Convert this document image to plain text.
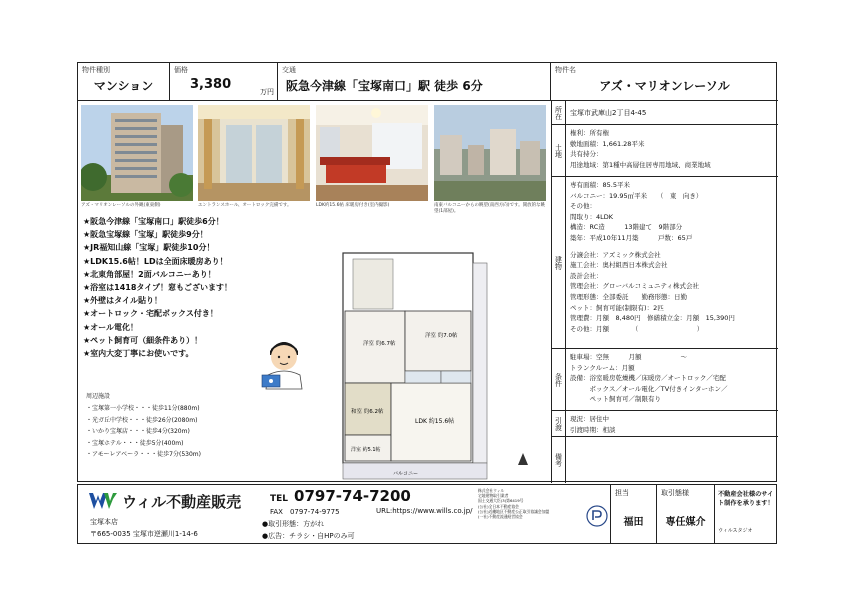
物件種別
マンション
価格
3,380	万円
交通
阪急今津線「宝塚南口」駅 徒歩 6分
物件名
アズ・マリオンレーソル
アズ・マリオンレーソルの外観(東東側)	エントランスホール、オートロック完備です。	LDK約15.6帖 床暖房付き(室内撮影)	南東バルコニーからの眺望(南西方向)です。開放的な眺望(1部屋)。
★阪急今津線「宝塚南口」駅徒歩6分！
★阪急宝塚線「宝塚」駅徒歩9分！
★JR福知山線「宝塚」駅徒歩10分！
★LDK15.6帖！LDは全面床暖房あり！
★北東角部屋！2面バルコニーあり！
★浴室は1418タイプ！窓もございます！
★外壁はタイル貼り！
★オートロック・宅配ボックス付き！
★オール電化！
★ペット飼育可（細条件あり）！
★室内大変丁寧にお使いです。
周辺施設
・宝塚第一小学校・・・徒歩11分(880m)
・光ガ丘中学校・・・徒歩26分(2080m)
・いかり宝塚店・・・徒歩4分(320m)
・宝塚ホテル・・・徒歩5分(400m)
・アモーレアベーラ・・・徒歩7分(530m)
洋室 約6.7帖
洋室 約7.0帖
和室 約6.2帖
洋室 約5.1帖
LDK 約15.6帖
バルコニー
所在	宝塚市武庫山2丁目4-45
土地
権利：所有権
敷地面積：1,661.28平米
共有持分：
用途地域：第1種中高層住居専用地域、商業地域
建物
専有面積：85.5平米
バルコニー：19.95㎡平米　　（　東　向き）
その他：
間取り：4LDK
構造：RC造　　　13階建て　9階部分
築年：平成10年11月築　　　戸数：65戸
分譲会社：アズミック株式会社
施工会社：奥村組西日本株式会社
設計会社：
管理会社：グローバルコミュニティ株式会社
管理形態：全部委託　　勤務形態：日勤
ペット：飼育可能(制限有)：2匹
管理費：月額　8,480円　修繕積立金：月額　15,390円
その他：月額　　　　（　　　　　　　　　）
条件
駐車場：空無　　　月額　　　　　　～
トランクルーム：月額
設備：浴室暖房乾燥機／床暖房／オートロック／宅配
　　　ボックス／オール電化／TV付きインターホン／
　　　ペット飼育可／制限有り
引渡	現況：居住中
引渡時期：相談
備考
ウィル不動産販売
宝塚本店
〒665-0035 宝塚市逆瀬川1-14-6
TEL 0797-74-7200
FAX　0797-74-9775	URL:https://www.wills.co.jp/
●取引形態：方がれ
●広告：チラシ・自HPのみ可
株式会社ウィル
宅地建物取引業者
国土交通大臣(3)第6419号
(公社)全日本不動産協会
(公社)近畿地区不動産公正取引協議会加盟
(一社)不動産流通経営協会
担当
福田
取引態様
専任媒介
不動産会社様のサイト制作を承ります！
ウィルスタジオ
